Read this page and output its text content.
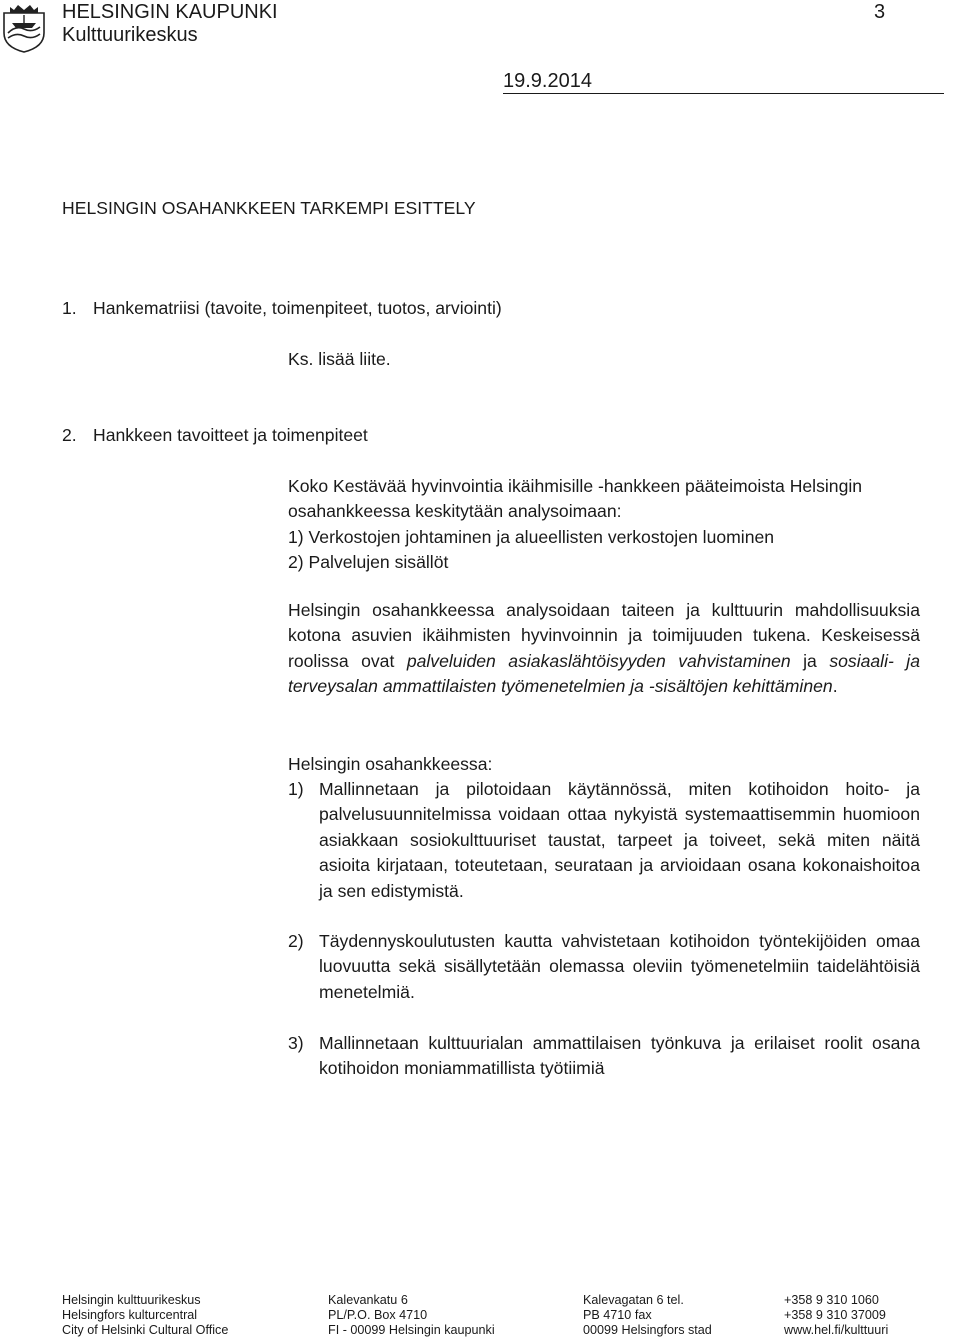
HELSINGIN KAUPUNKI
Kulttuurikeskus
3
19.9.2014
HELSINGIN OSAHANKKEEN TARKEMPI ESITTELY
1. Hankematriisi (tavoite, toimenpiteet, tuotos, arviointi)
Ks. lisää liite.
2. Hankkeen tavoitteet ja toimenpiteet
Koko Kestävää hyvinvointia ikäihmisille -hankkeen pääteimoista Helsingin
osahankkeessa keskitytään analysoimaan:
1) Verkostojen johtaminen ja alueellisten verkostojen luominen
2) Palvelujen sisällöt
Helsingin osahankkeessa analysoidaan taiteen ja kulttuurin mahdollisuuksia kotona asuvien ikäihmisten hyvinvoinnin ja toimijuuden tukena. Keskeisessä roolissa ovat palveluiden asiakaslähtöisyyden vahvistaminen ja sosiaali- ja terveysalan ammattilaisten työmenetelmien ja -sisältöjen kehittäminen.
Helsingin osahankkeessa:
1) Mallinnetaan ja pilotoidaan käytännössä, miten kotihoidon hoito- ja palvelusuunnitelmissa voidaan ottaa nykyistä systemaattisemmin huomioon asiakkaan sosiokulttuuriset taustat, tarpeet ja toiveet, sekä miten näitä asioita kirjataan, toteutetaan, seurataan ja arvioidaan osana kokonaishoitoa ja sen edistymistä.
2) Täydennyskoulutusten kautta vahvistetaan kotihoidon työntekijöiden omaa luovuutta sekä sisällytetään olemassa oleviin työmenetelmiin taidelähtöisiä menetelmiä.
3) Mallinnetaan kulttuurialan ammattilaisen työnkuva ja erilaiset roolit osana kotihoidon moniammatillista työtiimiä
Helsingin kulttuurikeskus	Kalevankatu 6	Kalevagatan 6 tel.	+358 9 310 1060
Helsingfors kulturcentral	PL/P.O. Box 4710	PB 4710 fax	+358 9 310 37009
City of Helsinki Cultural Office	FI - 00099 Helsingin kaupunki	00099 Helsingfors stad	www.hel.fi/kulttuuri
